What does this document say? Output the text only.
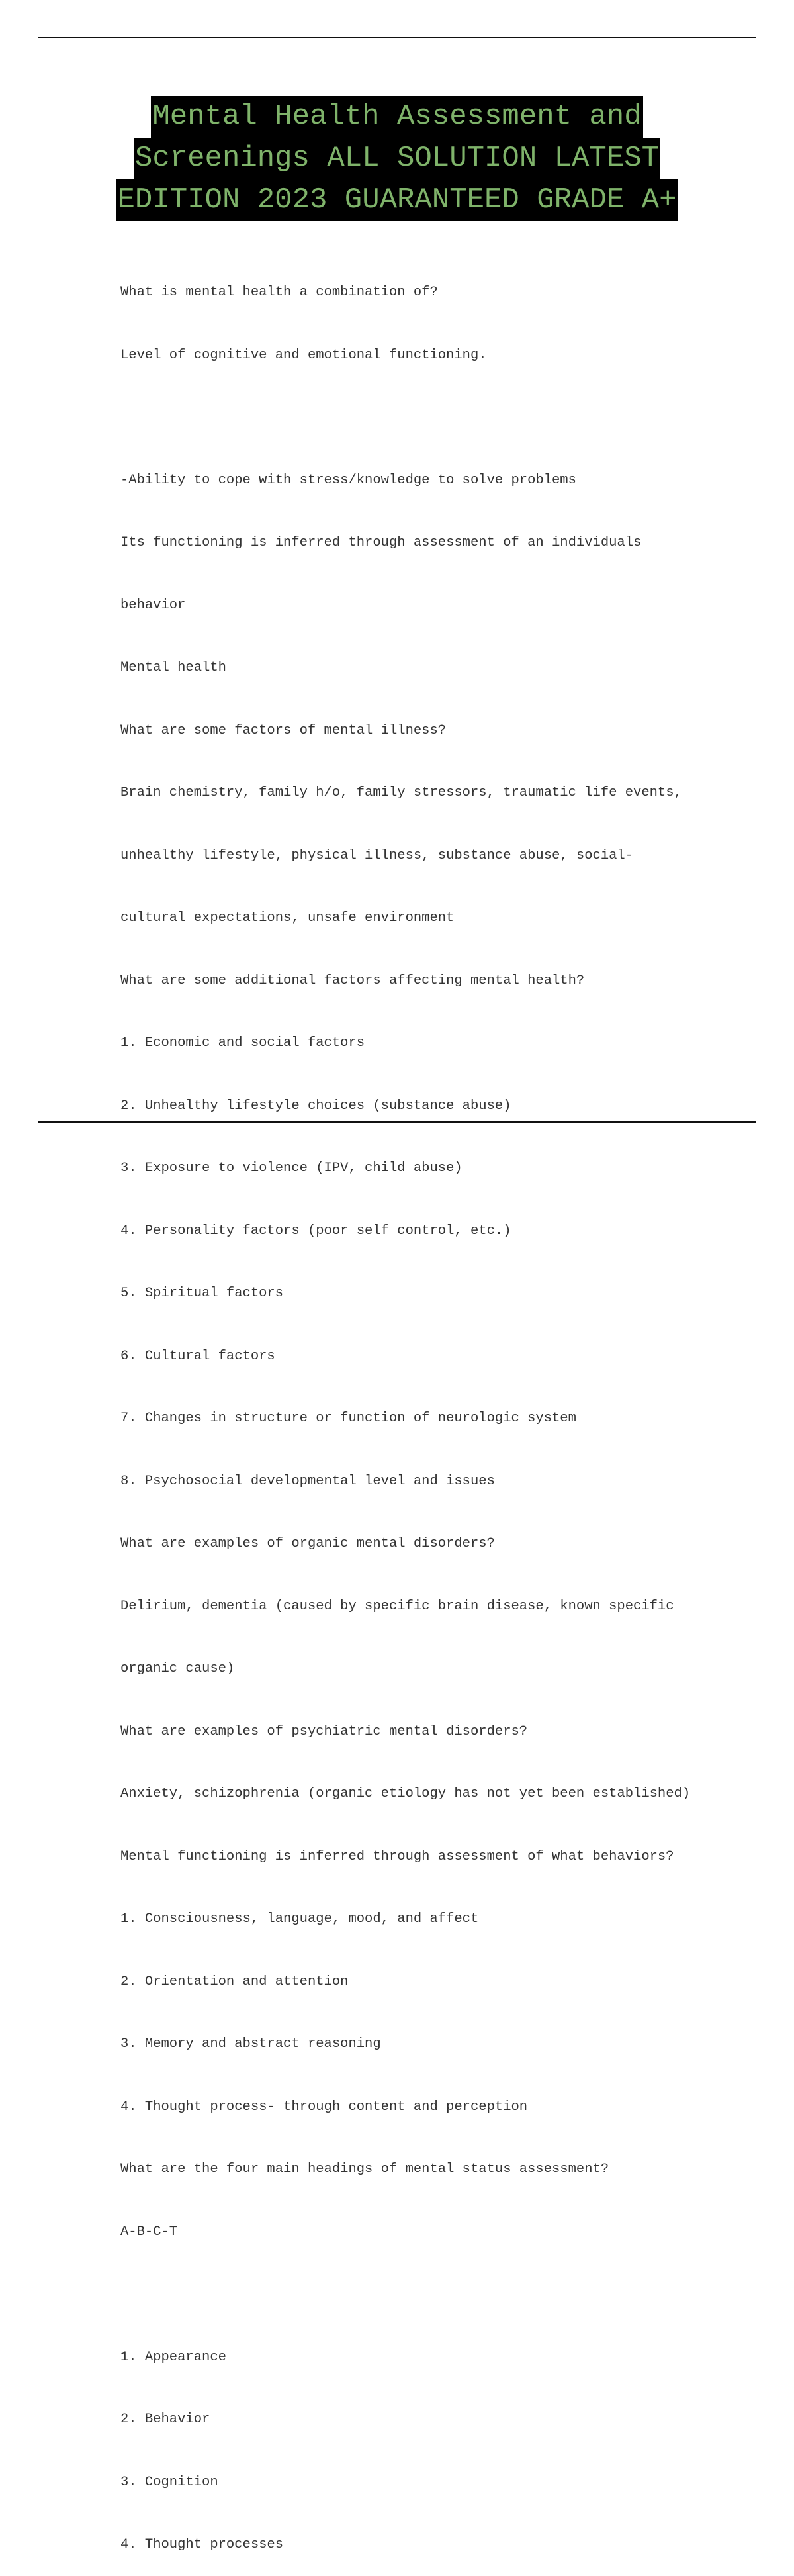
Mental Health Assessment and
Screenings ALL SOLUTION LATEST
EDITION 2023 GUARANTEED GRADE A+

What is mental health a combination of?

Level of cognitive and emotional functioning.

-Ability to cope with stress/knowledge to solve problems

Its functioning is inferred through assessment of an individuals

behavior

Mental health

What are some factors of mental illness?

Brain chemistry, family h/o, family stressors, traumatic life events,

unhealthy lifestyle, physical illness, substance abuse, social-

cultural expectations, unsafe environment

What are some additional factors affecting mental health?

1. Economic and social factors

2. Unhealthy lifestyle choices (substance abuse)

3. Exposure to violence (IPV, child abuse)

4. Personality factors (poor self control, etc.)

5. Spiritual factors

6. Cultural factors

7. Changes in structure or function of neurologic system

8. Psychosocial developmental level and issues

What are examples of organic mental disorders?

Delirium, dementia (caused by specific brain disease, known specific

organic cause)

What are examples of psychiatric mental disorders?

Anxiety, schizophrenia (organic etiology has not yet been established)

Mental functioning is inferred through assessment of what behaviors?

1. Consciousness, language, mood, and affect

2. Orientation and attention

3. Memory and abstract reasoning

4. Thought process- through content and perception

What are the four main headings of mental status assessment?

A-B-C-T

1. Appearance

2. Behavior

3. Cognition

4. Thought processes
